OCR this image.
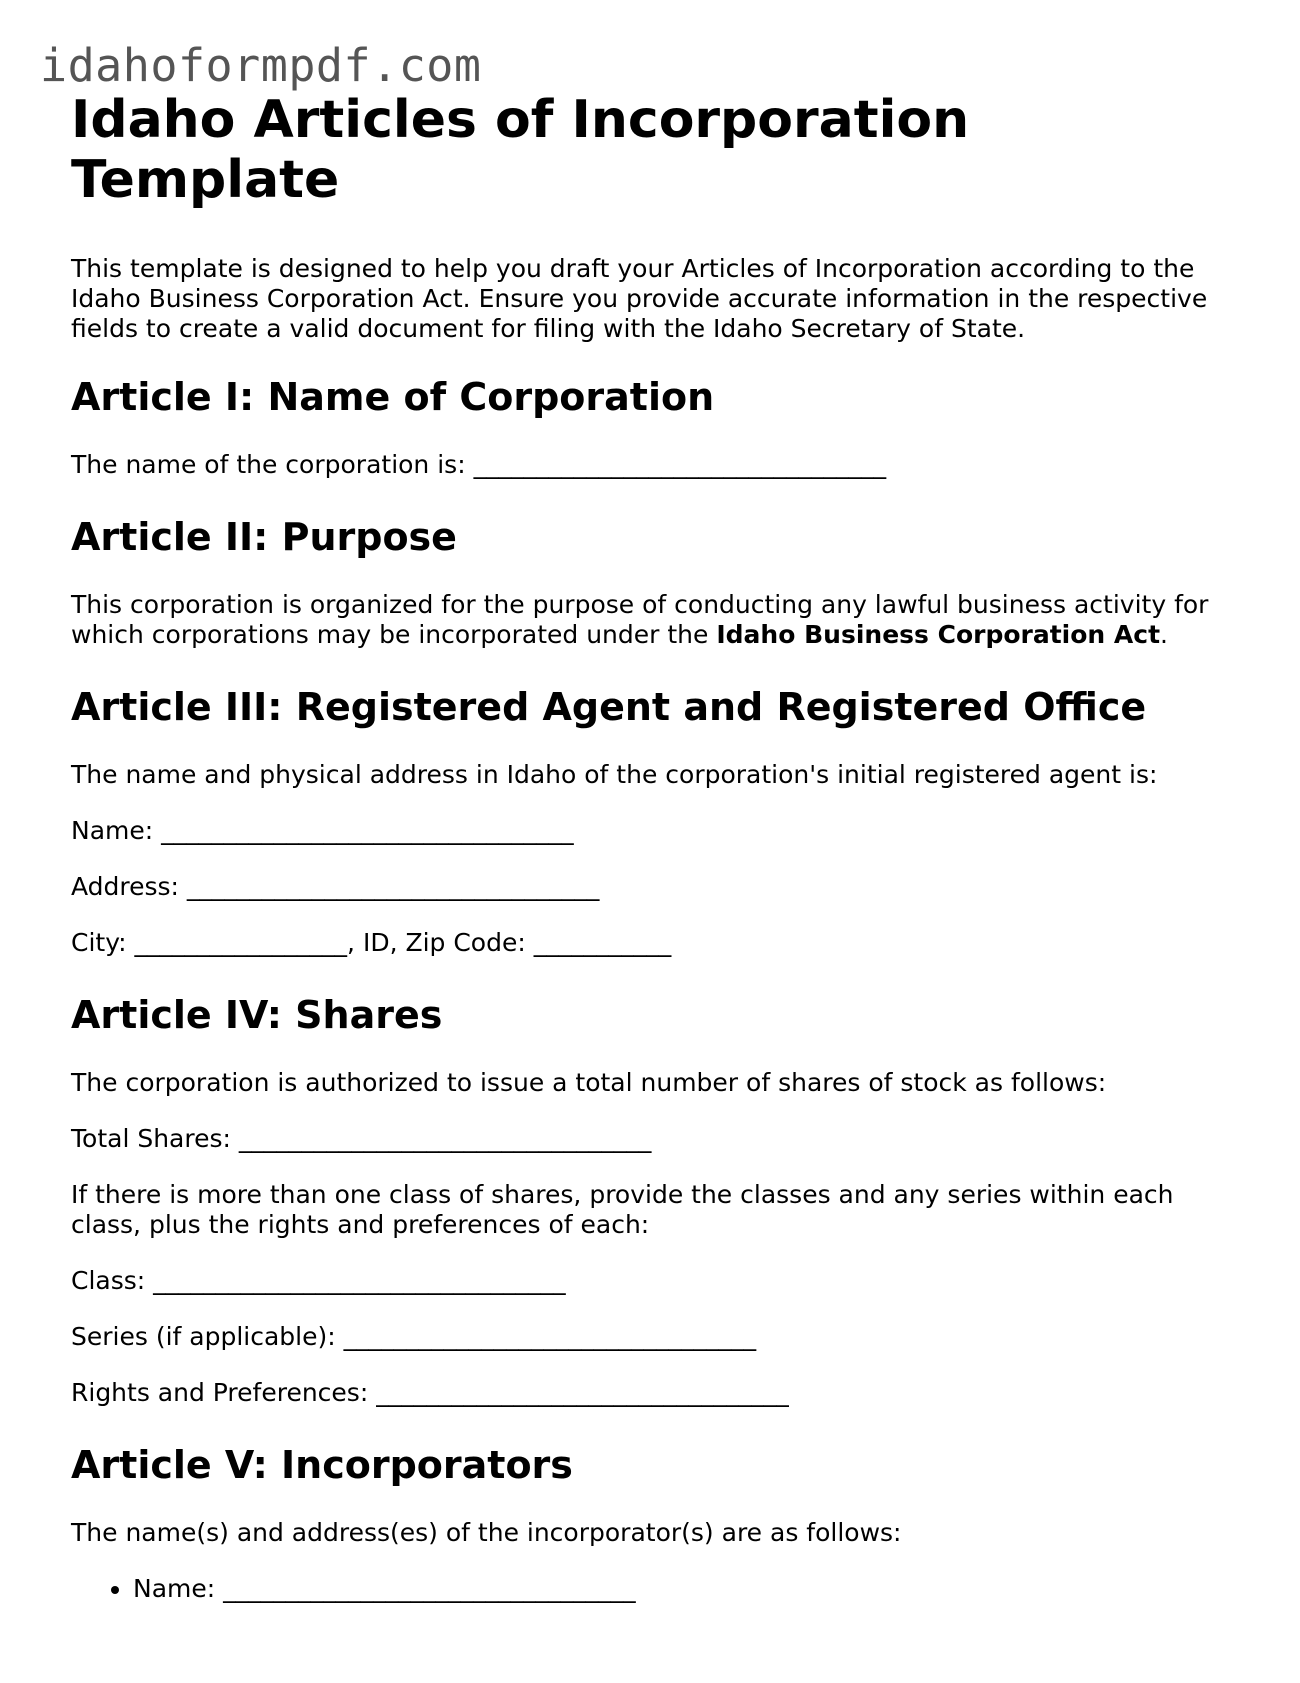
idahoformpdf.com
Idaho Articles of Incorporation Template

This template is designed to help you draft your Articles of Incorporation according to the Idaho Business Corporation Act. Ensure you provide accurate information in the respective fields to create a valid document for filing with the Idaho Secretary of State.

Article I: Name of Corporation

The name of the corporation is: _________________________________

Article II: Purpose

This corporation is organized for the purpose of conducting any lawful business activity for which corporations may be incorporated under the Idaho Business Corporation Act.

Article III: Registered Agent and Registered Office

The name and physical address in Idaho of the corporation's initial registered agent is:

Name: _________________________________

Address: _________________________________

City: _________________, ID, Zip Code: ___________

Article IV: Shares

The corporation is authorized to issue a total number of shares of stock as follows:

Total Shares: _________________________________

If there is more than one class of shares, provide the classes and any series within each class, plus the rights and preferences of each:

Class: _________________________________

Series (if applicable): _________________________________

Rights and Preferences: _________________________________

Article V: Incorporators

The name(s) and address(es) of the incorporator(s) are as follows:

• Name: _________________________________
